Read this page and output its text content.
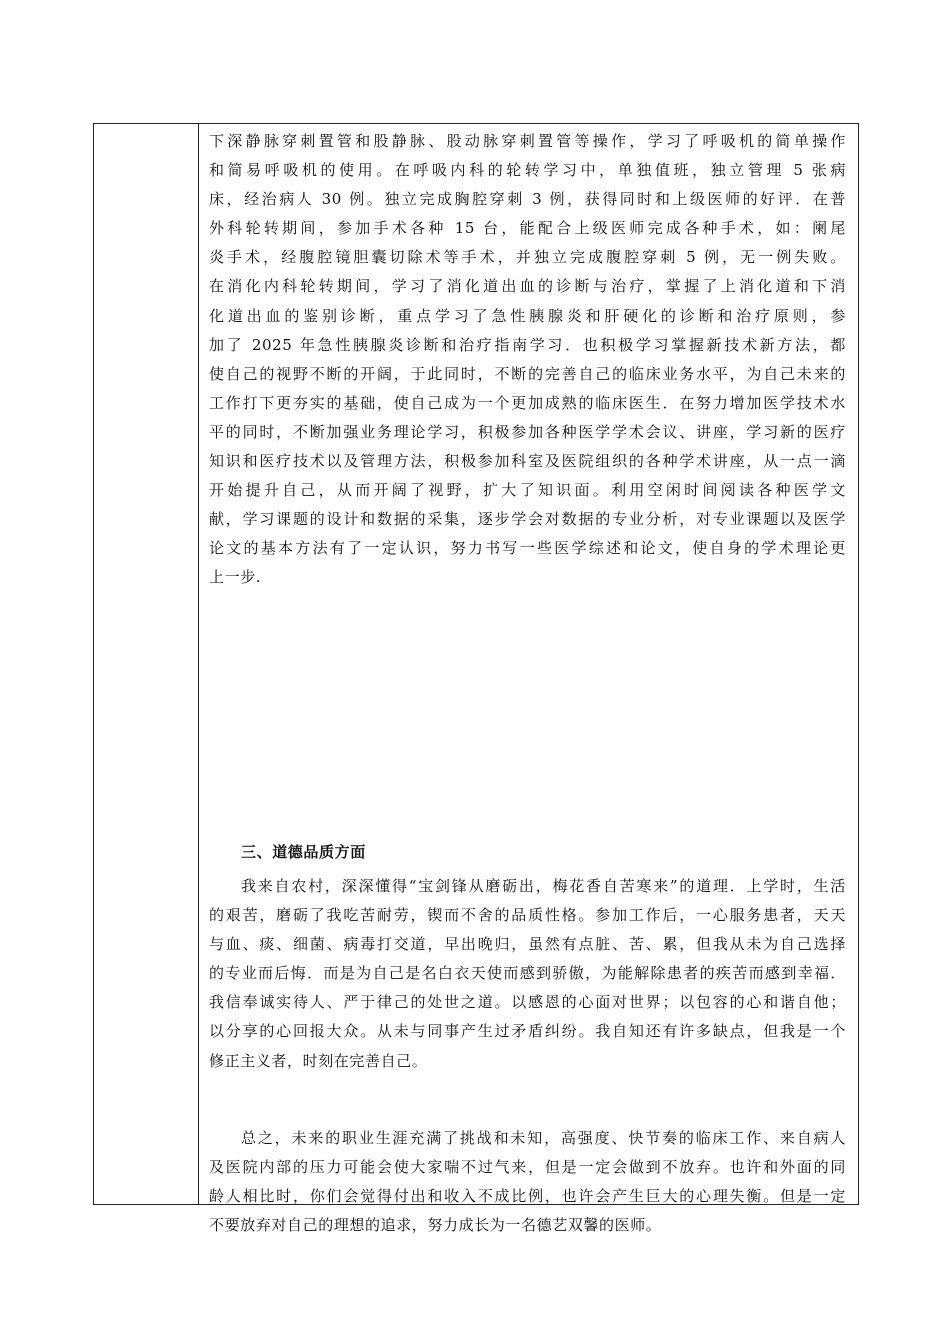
下深静脉穿刺置管和股静脉、股动脉穿刺置管等操作，学习了呼吸机的简单操作
和简易呼吸机的使用。在呼吸内科的轮转学习中，单独值班，独立管理 5 张病
床，经治病人 30 例。独立完成胸腔穿刺 3 例，获得同时和上级医师的好评．在普
外科轮转期间，参加手术各种 15 台，能配合上级医师完成各种手术，如：阑尾
炎手术，经腹腔镜胆囊切除术等手术，并独立完成腹腔穿刺 5 例，无一例失败。
在消化内科轮转期间，学习了消化道出血的诊断与治疗，掌握了上消化道和下消
化道出血的鉴别诊断，重点学习了急性胰腺炎和肝硬化的诊断和治疗原则，参
加了 2025 年急性胰腺炎诊断和治疗指南学习．也积极学习掌握新技术新方法，都
使自己的视野不断的开阔，于此同时，不断的完善自己的临床业务水平，为自己未来的
工作打下更夯实的基础，使自己成为一个更加成熟的临床医生．在努力增加医学技术水
平的同时，不断加强业务理论学习，积极参加各种医学学术会议、讲座，学习新的医疗
知识和医疗技术以及管理方法，积极参加科室及医院组织的各种学术讲座，从一点一滴
开始提升自己，从而开阔了视野，扩大了知识面。利用空闲时间阅读各种医学文
献，学习课题的设计和数据的采集，逐步学会对数据的专业分析，对专业课题以及医学
论文的基本方法有了一定认识，努力书写一些医学综述和论文，使自身的学术理论更
上一步.

三、道德品质方面

我来自农村，深深懂得“宝剑锋从磨砺出，梅花香自苦寒来”的道理．上学时，生活
的艰苦，磨砺了我吃苦耐劳，锲而不舍的品质性格。参加工作后，一心服务患者，天天
与血、痰、细菌、病毒打交道，早出晚归，虽然有点脏、苦、累，但我从未为自己选择
的专业而后悔．而是为自己是名白衣天使而感到骄傲，为能解除患者的疾苦而感到幸福．
我信奉诚实待人、严于律己的处世之道。以感恩的心面对世界；以包容的心和谐自他；
以分享的心回报大众。从未与同事产生过矛盾纠纷。我自知还有许多缺点，但我是一个
修正主义者，时刻在完善自己。
总之，未来的职业生涯充满了挑战和未知，高强度、快节奏的临床工作、来自病人
及医院内部的压力可能会使大家喘不过气来，但是一定会做到不放弃。也许和外面的同
龄人相比时，你们会觉得付出和收入不成比例，也许会产生巨大的心理失衡。但是一定
不要放弃对自己的理想的追求，努力成长为一名德艺双馨的医师。
